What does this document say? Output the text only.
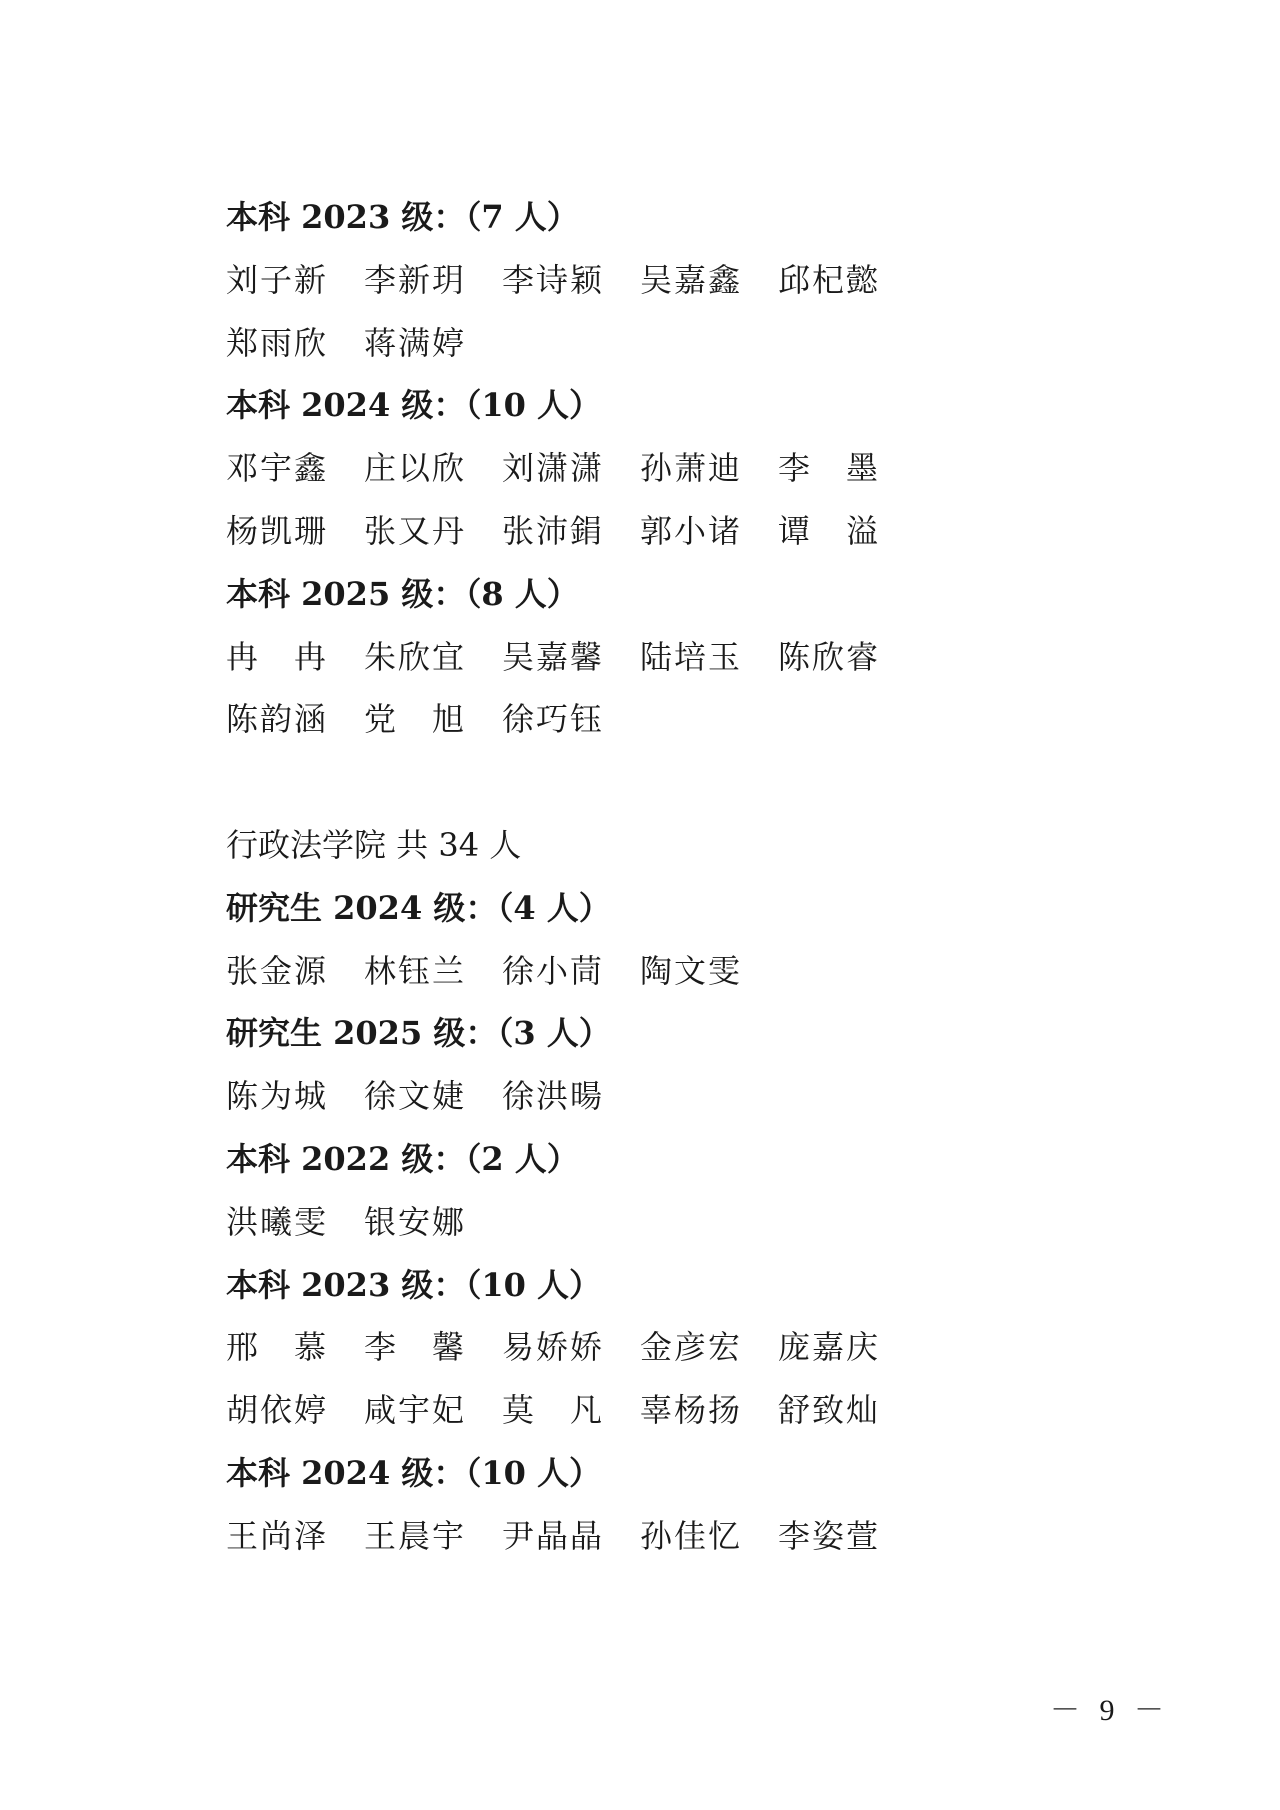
本科 2023 级：（7 人）
刘子新	李新玥	李诗颖	吴嘉鑫	邱杞懿
郑雨欣	蒋满婷
本科 2024 级：（10 人）
邓宇鑫	庄以欣	刘潇潇	孙萧迪	李　墨
杨凯珊	张又丹	张沛鋗	郭小诸	谭　溢
本科 2025 级：（8 人）
冉　冉	朱欣宜	吴嘉馨	陆培玉	陈欣睿
陈韵涵	党　旭	徐巧钰
行政法学院 共 34 人
研究生 2024 级：（4 人）
张金源	林钰兰	徐小茼	陶文雯
研究生 2025 级：（3 人）
陈为城	徐文婕	徐洪暘
本科 2022 级：（2 人）
洪曦雯	银安娜
本科 2023 级：（10 人）
邢　慕	李　馨	易娇娇	金彦宏	庞嘉庆
胡依婷	咸宇妃	莫　凡	辜杨扬	舒致灿
本科 2024 级：（10 人）
王尚泽	王晨宇	尹晶晶	孙佳忆	李姿萱
－ 9 －
